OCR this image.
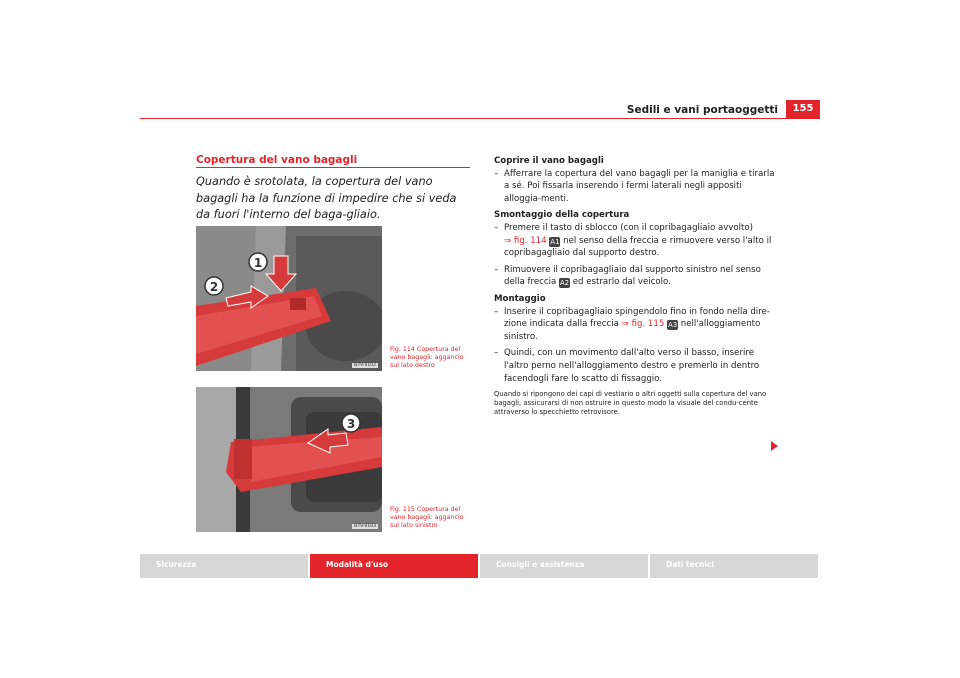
Sedili e vani portaoggetti	155
Copertura del vano bagagli
Quando è srotolata, la copertura del vano bagagli ha la funzione di impedire che si veda da fuori l'interno del baga-gliaio.
1
2
B7V-0102
Fig. 114 Copertura del vano bagagli: aggancio sul lato destro
3
B7V-0103
Fig. 115 Copertura del vano bagagli: aggancio sul lato sinistro
Coprire il vano bagagli
– Afferrare la copertura del vano bagagli per la maniglia e tirarla a sé. Poi fissarla inserendo i fermi laterali negli appositi alloggia-menti.
Smontaggio della copertura
– Premere il tasto di sblocco (con il copribagagliaio avvolto)
⇒ fig. 114 A1 nel senso della freccia e rimuovere verso l'alto il copribagagliaio dal supporto destro.
– Rimuovere il copribagagliaio dal supporto sinistro nel senso della freccia A2 ed estrarlo dal veicolo.
Montaggio
– Inserire il copribagagliaio spingendolo fino in fondo nella dire-zione indicata dalla freccia ⇒ fig. 115 A3 nell'alloggiamento sinistro.
– Quindi, con un movimento dall'alto verso il basso, inserire l'altro perno nell'alloggiamento destro e premerlo in dentro facendogli fare lo scatto di fissaggio.
Quando si ripongono dei capi di vestiario o altri oggetti sulla copertura del vano bagagli, assicurarsi di non ostruire in questo modo la visuale del condu-cente attraverso lo specchietto retrovisore.
Sicurezza	Modalità d'uso	Consigli e assistenza	Dati tecnici
